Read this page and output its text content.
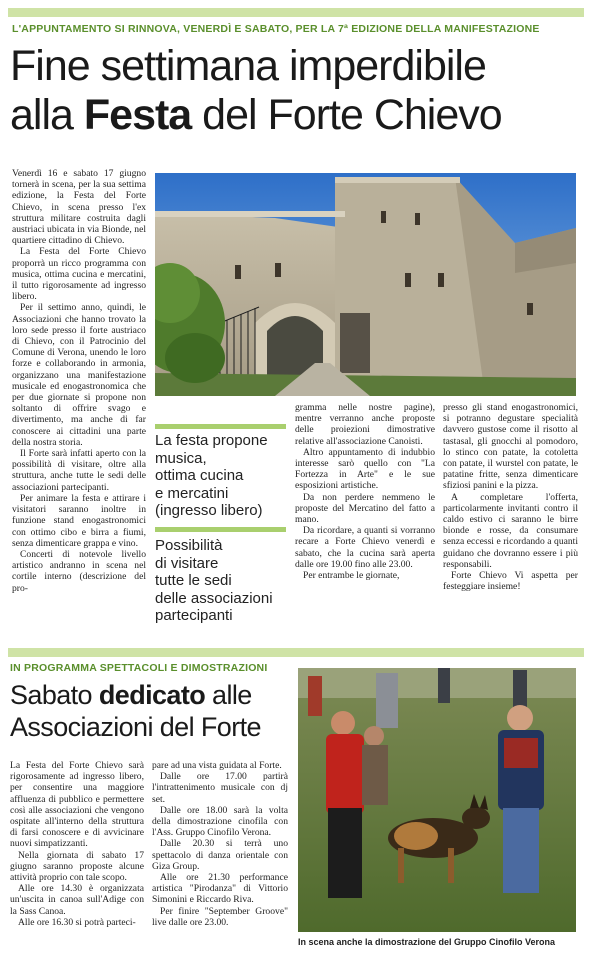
L'APPUNTAMENTO SI RINNOVA, VENERDÌ E SABATO, PER LA 7ª EDIZIONE DELLA MANIFESTAZIONE
Fine settimana imperdibile
alla Festa del Forte Chievo

Venerdì 16 e sabato 17 giugno tornerà in scena, per la sua settima edizione, la Festa del Forte Chievo, in scena presso l'ex struttura militare costruita dagli austriaci ubicata in via Bionde, nel quartiere cittadino di Chievo.

La Festa del Forte Chievo proporrà un ricco programma con musica, ottima cucina e mercatini, il tutto rigorosamente ad ingresso libero.

Per il settimo anno, quindi, le Associazioni che hanno trovato la loro sede presso il forte austriaco di Chievo, con il Patrocinio del Comune di Verona, unendo le loro forze e collaborando in armonia, organizzano una manifestazione musicale ed enogastronomica che per due giornate si propone non soltanto di offrire svago e divertimento, ma anche di far conoscere ai cittadini una parte della nostra storia.

Il Forte sarà infatti aperto con la possibilità di visitare, oltre alla struttura, anche tutte le sedi delle associazioni partecipanti.

Per animare la festa e attirare i visitatori saranno inoltre in funzione stand enogastronomici con ottimo cibo e birra a fiumi, senza dimenticare grappa e vino.

Concerti di notevole livello artistico andranno in scena nel cortile interno (descrizione del pro-

La festa propone
musica,
ottima cucina
e mercatini
(ingresso libero)
Possibilità
di visitare
tutte le sedi
delle associazioni
partecipanti

gramma nelle nostre pagine), mentre verranno anche proposte delle proiezioni dimostrative relative all'associazione Canoisti.

Altro appuntamento di indubbio interesse sarò quello con "La Fortezza in Arte" e le sue esposizioni artistiche.

Da non perdere nemmeno le proposte del Mercatino del fatto a mano.

Da ricordare, a quanti si vorranno recare a Forte Chievo venerdì e sabato, che la cucina sarà aperta dalle ore 19.00 fino alle 23.00.

Per entrambe le giornate,

presso gli stand enogastronomici, si potranno degustare specialità davvero gustose come il risotto al tastasal, gli gnocchi al pomodoro, lo stinco con patate, la cotoletta con patate, il wurstel con patate, le patatine fritte, senza dimenticare sfiziosi panini e la pizza.

A completare l'offerta, particolarmente invitanti contro il caldo estivo ci saranno le birre bionde e rosse, da consumare senza eccessi e ricordando a quanti guidano che dovranno essere i più responsabili.

Forte Chievo Vi aspetta per festeggiare insieme!

IN PROGRAMMA SPETTACOLI E DIMOSTRAZIONI
Sabato dedicato alle
Associazioni del Forte

La Festa del Forte Chievo sarà rigorosamente ad ingresso libero, per consentire una maggiore affluenza di pubblico e permettere così alle associazioni che vengono ospitate all'interno della struttura di farsi conoscere e di avvicinare nuovi simpatizzanti.

Nella giornata di sabato 17 giugno saranno proposte alcune attività proprio con tale scopo.

Alle ore 14.30 è organizzata un'uscita in canoa sull'Adige con la Sass Canoa.

Alle ore 16.30 si potrà parteci-

pare ad una vista guidata al Forte.

Dalle ore 17.00 partirà l'intrattenimento musicale con dj set.

Dalle ore 18.00 sarà la volta della dimostrazione cinofila con l'Ass. Gruppo Cinofilo Verona.

Dalle 20.30 si terrà uno spettacolo di danza orientale con Giza Group.

Alle ore 21.30 performance artistica "Pirodanza" di Vittorio Simonini e Riccardo Riva.

Per finire "September Groove" live dalle ore 23.00.

In scena anche la dimostrazione del Gruppo Cinofilo Verona
